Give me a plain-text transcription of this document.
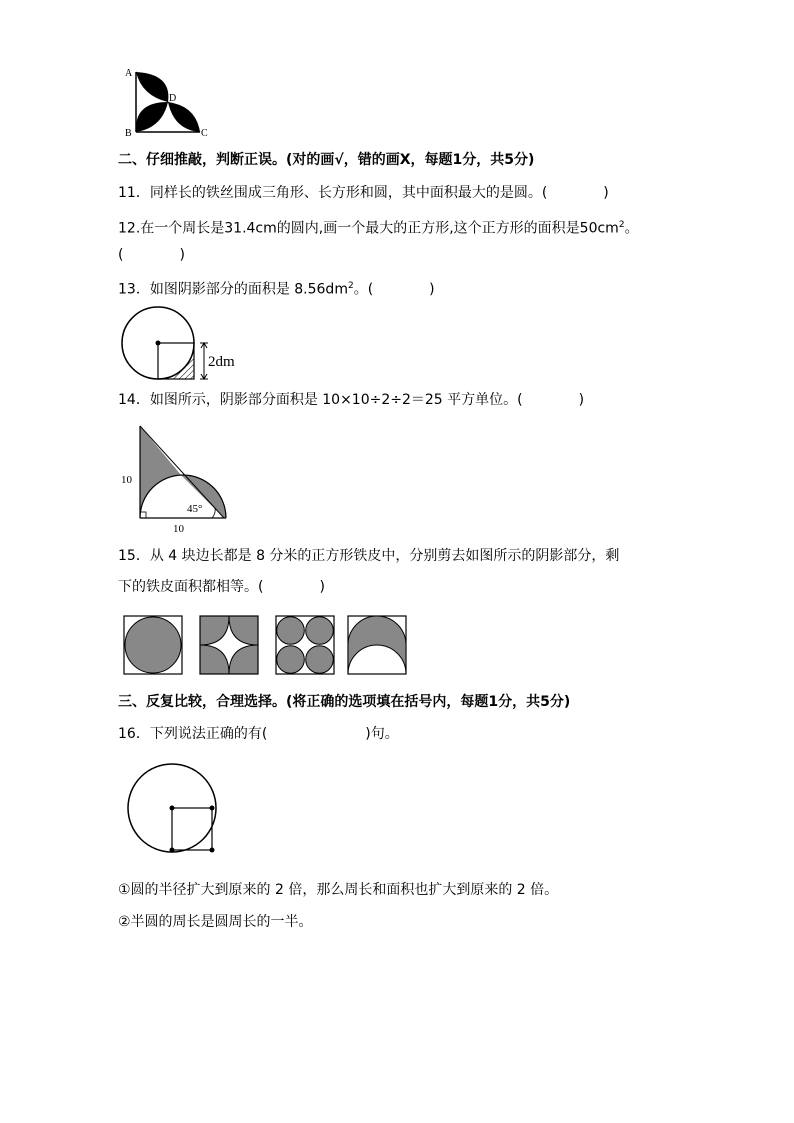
A
B	C
D
二、仔细推敲，判断正误。(对的画√，错的画X，每题1分，共5分)
11．同样长的铁丝围成三角形、长方形和圆，其中面积最大的是圆。(　　　　)
12.在一个周长是31.4cm的圆内,画一个最大的正方形,这个正方形的面积是$50cm^2$。
(　　　　)
13．如图阴影部分的面积是 $8.56dm^2$。(　　　　)
2dm
14．如图所示，阴影部分面积是 10×10÷2÷2＝25 平方单位。(　　　　)
10
10
45°
15．从 4 块边长都是 8 分米的正方形铁皮中，分别剪去如图所示的阴影部分，剩
下的铁皮面积都相等。(　　　　)
三、反复比较，合理选择。(将正确的选项填在括号内，每题1分，共5分)
16．下列说法正确的有(　　　　　　　)句。
①圆的半径扩大到原来的 2 倍，那么周长和面积也扩大到原来的 2 倍。
②半圆的周长是圆周长的一半。
